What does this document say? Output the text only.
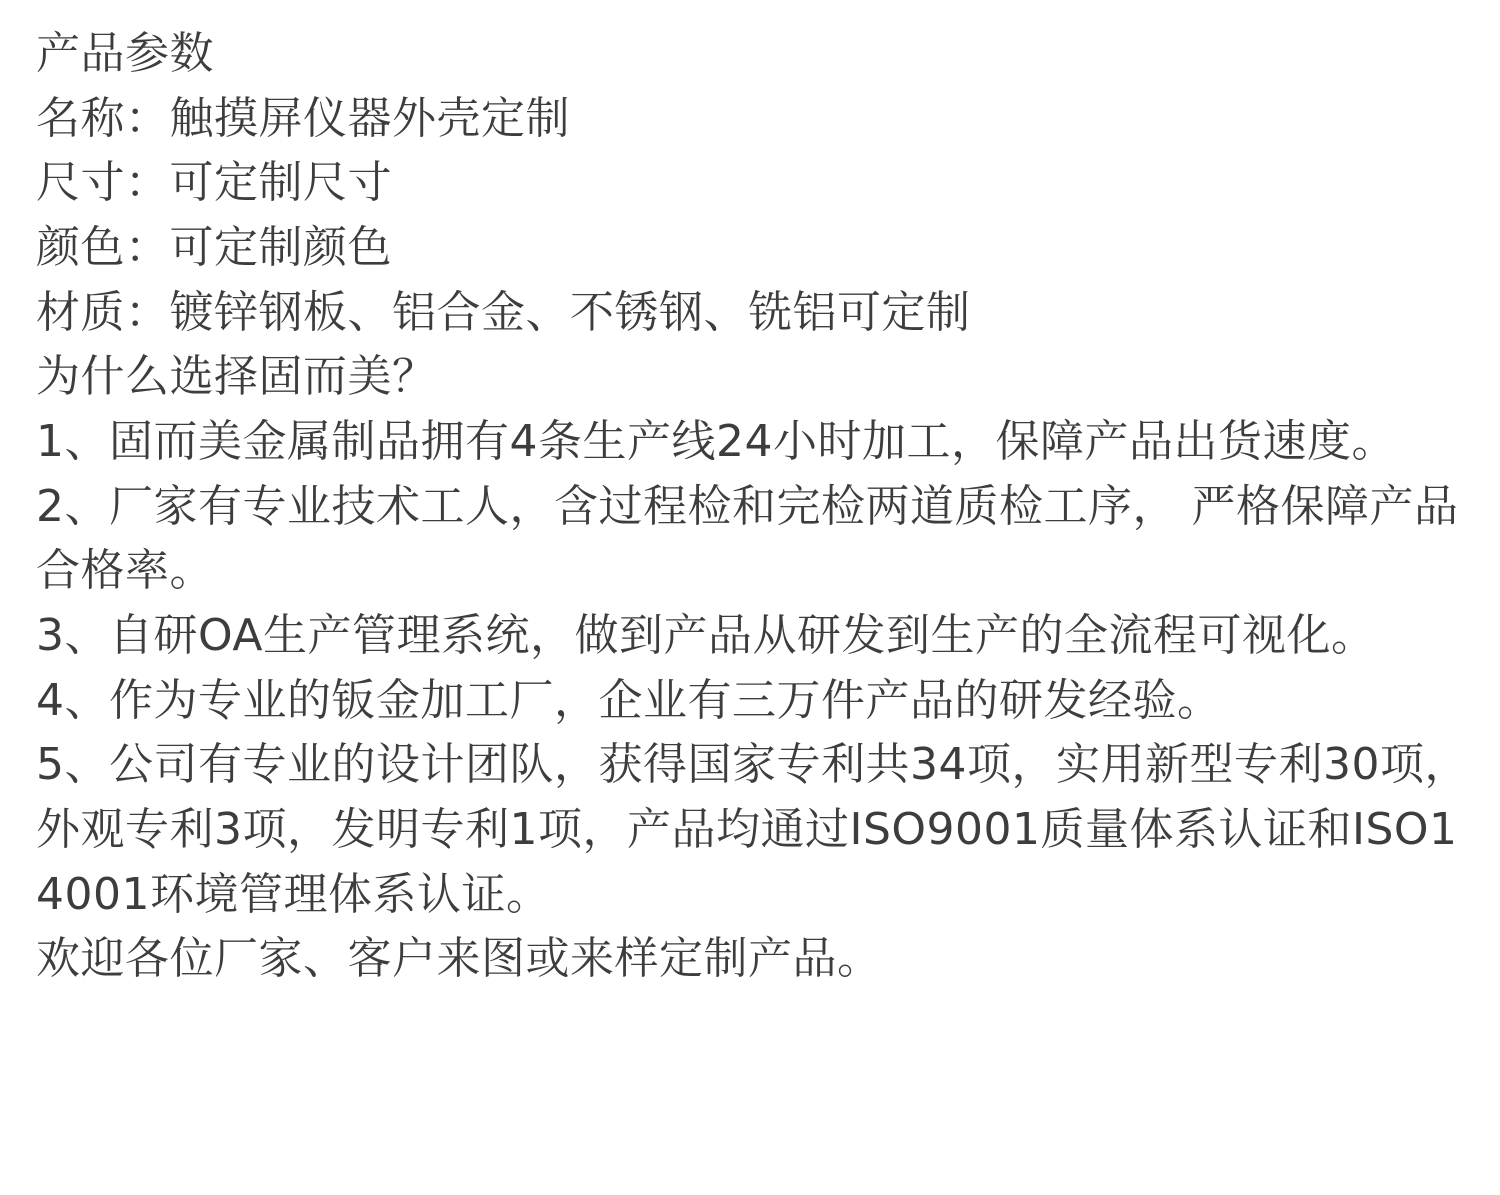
产品参数
名称：触摸屏仪器外壳定制
尺寸：可定制尺寸
颜色：可定制颜色
材质：镀锌钢板、铝合金、不锈钢、铣铝可定制
为什么选择固而美？
1、固而美金属制品拥有4条生产线24小时加工，保障产品出货速度。
2、厂家有专业技术工人，含过程检和完检两道质检工序， 严格保障产品合格率。
3、自研OA生产管理系统，做到产品从研发到生产的全流程可视化。
4、作为专业的钣金加工厂，企业有三万件产品的研发经验。
5、公司有专业的设计团队，获得国家专利共34项，实用新型专利30项，外观专利3项，发明专利1项，产品均通过ISO9001质量体系认证和ISO14001环境管理体系认证。
欢迎各位厂家、客户来图或来样定制产品。
